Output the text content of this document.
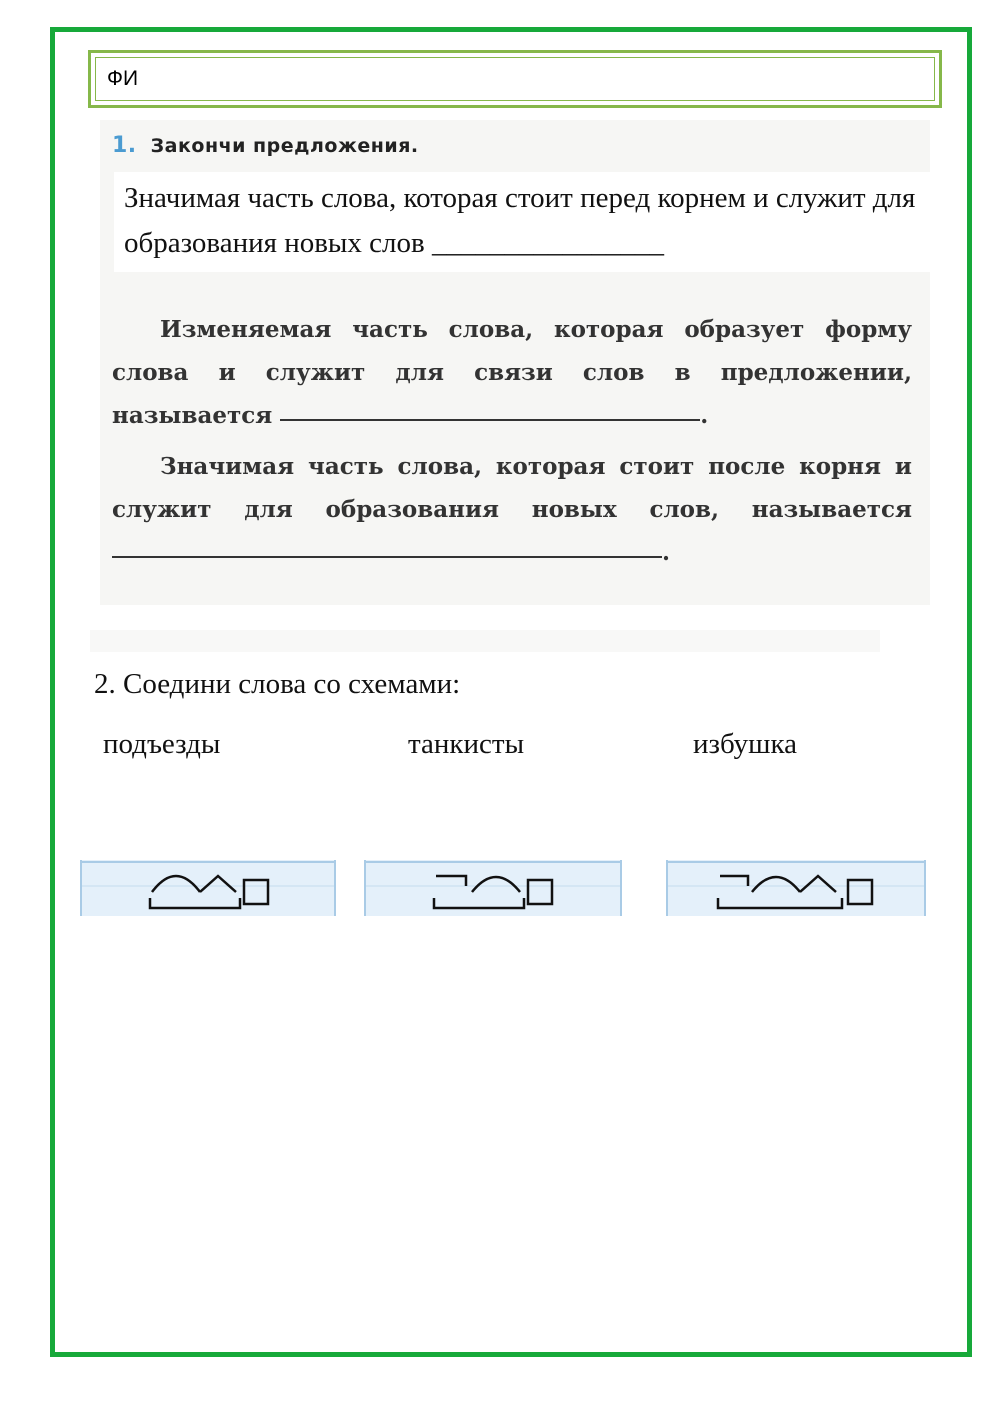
ФИ
1. Закончи предложения.
Значимая часть слова, которая стоит перед корнем и служит для образования новых слов ________________
Изменяемая часть слова, которая образует форму слова и служит для связи слов в предложении, называется	.
Значимая часть слова, которая стоит после корня и служит для образования новых слов, называется .
2. Соедини слова со схемами:
подъезды	танкисты	избушка
